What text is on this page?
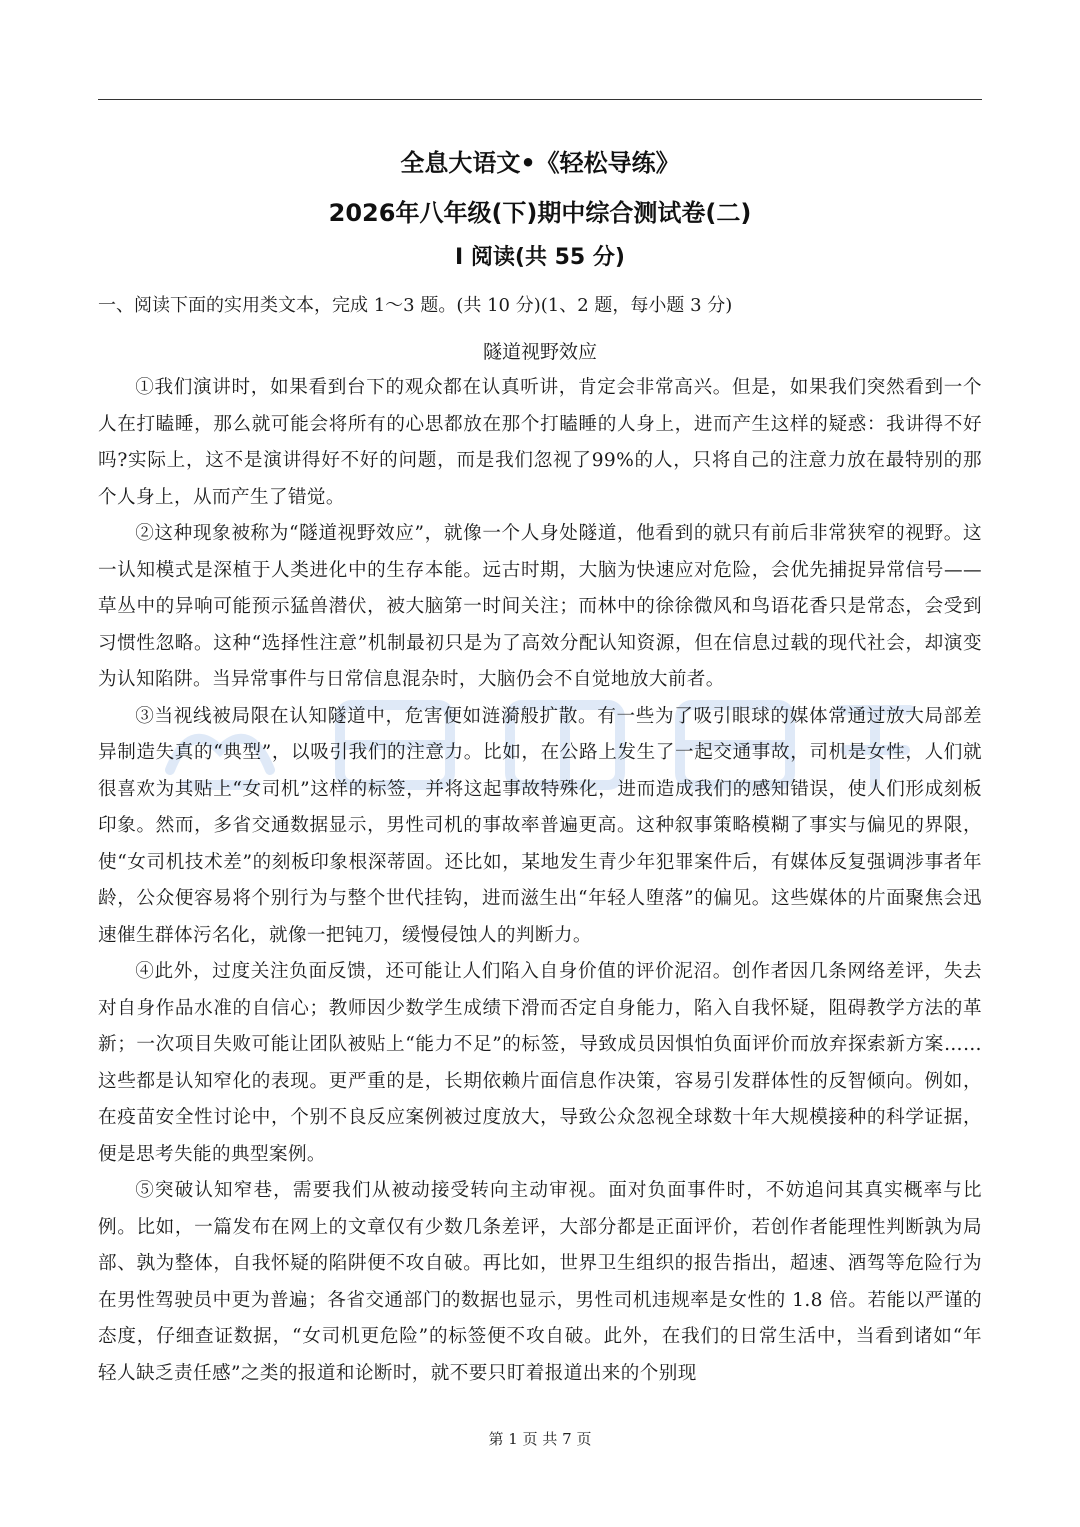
全息大语文•《轻松导练》
2026年八年级(下)期中综合测试卷(二)
Ⅰ 阅读(共 55 分)
一、阅读下面的实用类文本，完成 1～3 题。(共 10 分)(1、2 题，每小题 3 分)
隧道视野效应

①我们演讲时，如果看到台下的观众都在认真听讲，肯定会非常高兴。但是，如果我们突然看到一个人在打瞌睡，那么就可能会将所有的心思都放在那个打瞌睡的人身上，进而产生这样的疑惑：我讲得不好吗?实际上，这不是演讲得好不好的问题，而是我们忽视了99%的人，只将自己的注意力放在最特别的那个人身上，从而产生了错觉。

②这种现象被称为“隧道视野效应”，就像一个人身处隧道，他看到的就只有前后非常狭窄的视野。这一认知模式是深植于人类进化中的生存本能。远古时期，大脑为快速应对危险，会优先捕捉异常信号——草丛中的异响可能预示猛兽潜伏，被大脑第一时间关注；而林中的徐徐微风和鸟语花香只是常态，会受到习惯性忽略。这种“选择性注意”机制最初只是为了高效分配认知资源，但在信息过载的现代社会，却演变为认知陷阱。当异常事件与日常信息混杂时，大脑仍会不自觉地放大前者。

③当视线被局限在认知隧道中，危害便如涟漪般扩散。有一些为了吸引眼球的媒体常通过放大局部差异制造失真的“典型”，以吸引我们的注意力。比如，在公路上发生了一起交通事故，司机是女性，人们就很喜欢为其贴上“女司机”这样的标签，并将这起事故特殊化，进而造成我们的感知错误，使人们形成刻板印象。然而，多省交通数据显示，男性司机的事故率普遍更高。这种叙事策略模糊了事实与偏见的界限，使“女司机技术差”的刻板印象根深蒂固。还比如，某地发生青少年犯罪案件后，有媒体反复强调涉事者年龄，公众便容易将个别行为与整个世代挂钩，进而滋生出“年轻人堕落”的偏见。这些媒体的片面聚焦会迅速催生群体污名化，就像一把钝刀，缓慢侵蚀人的判断力。

④此外，过度关注负面反馈，还可能让人们陷入自身价值的评价泥沼。创作者因几条网络差评，失去对自身作品水准的自信心；教师因少数学生成绩下滑而否定自身能力，陷入自我怀疑，阻碍教学方法的革新；一次项目失败可能让团队被贴上“能力不足”的标签，导致成员因惧怕负面评价而放弃探索新方案……这些都是认知窄化的表现。更严重的是，长期依赖片面信息作决策，容易引发群体性的反智倾向。例如，在疫苗安全性讨论中，个别不良反应案例被过度放大，导致公众忽视全球数十年大规模接种的科学证据，便是思考失能的典型案例。

⑤突破认知窄巷，需要我们从被动接受转向主动审视。面对负面事件时，不妨追问其真实概率与比例。比如，一篇发布在网上的文章仅有少数几条差评，大部分都是正面评价，若创作者能理性判断孰为局部、孰为整体，自我怀疑的陷阱便不攻自破。再比如，世界卫生组织的报告指出，超速、酒驾等危险行为在男性驾驶员中更为普遍；各省交通部门的数据也显示，男性司机违规率是女性的 1.8 倍。若能以严谨的态度，仔细查证数据，“女司机更危险”的标签便不攻自破。此外，在我们的日常生活中，当看到诸如“年轻人缺乏责任感”之类的报道和论断时，就不要只盯着报道出来的个别现

第 1 页 共 7 页
